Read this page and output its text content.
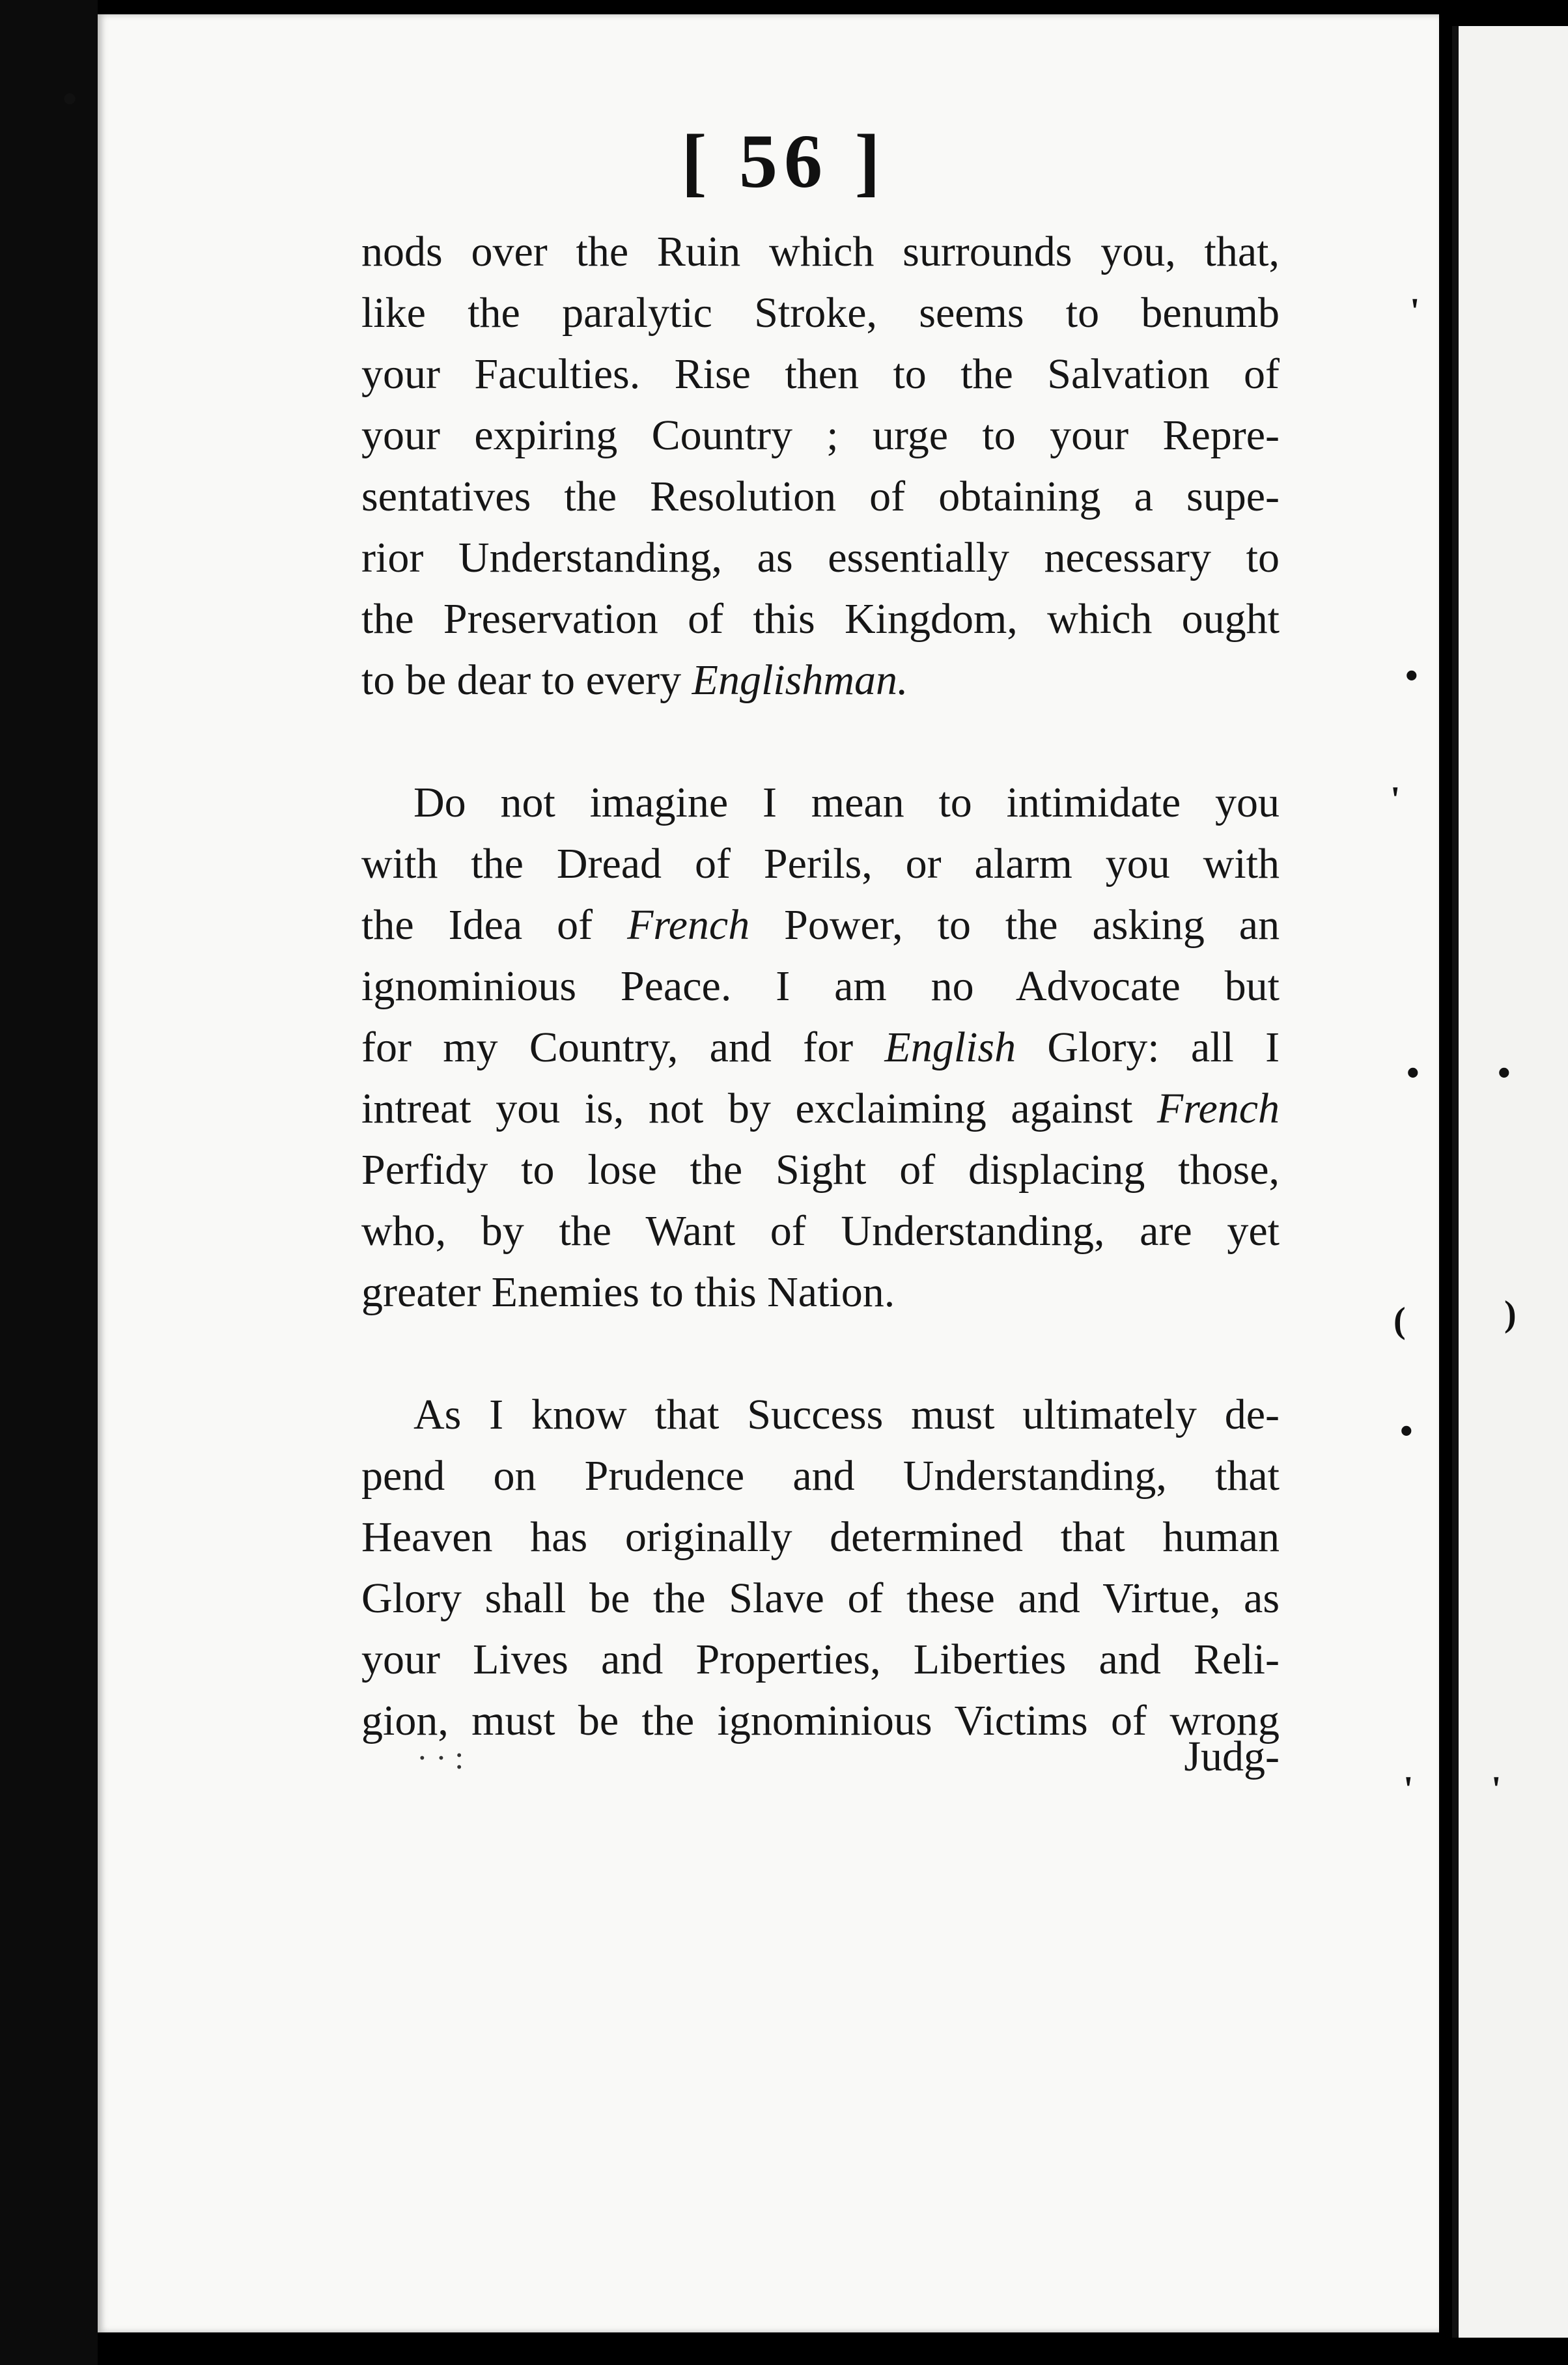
●
'
•
'
• •
(	)
•
' '
[ 56 ]
nods over the Ruin which surrounds you, that,
like the paralytic Stroke, seems to benumb
your Faculties. Rise then to the Salvation of
your expiring Country ; urge to your Repre-
sentatives the Resolution of obtaining a supe-
rior Understanding, as essentially necessary to
the Preservation of this Kingdom, which ought
to be dear to every Englishman.
Do not imagine I mean to intimidate you
with the Dread of Perils, or alarm you with
the Idea of French Power, to the asking an
ignominious Peace. I am no Advocate but
for my Country, and for English Glory: all I
intreat you is, not by exclaiming against French
Perfidy to lose the Sight of displacing those,
who, by the Want of Understanding, are yet
greater Enemies to this Nation.
As I know that Success must ultimately de-
pend on Prudence and Understanding, that
Heaven has originally determined that human
Glory shall be the Slave of these and Virtue, as
your Lives and Properties, Liberties and Reli-
gion, must be the ignominious Victims of wrong
· · :	Judg-
